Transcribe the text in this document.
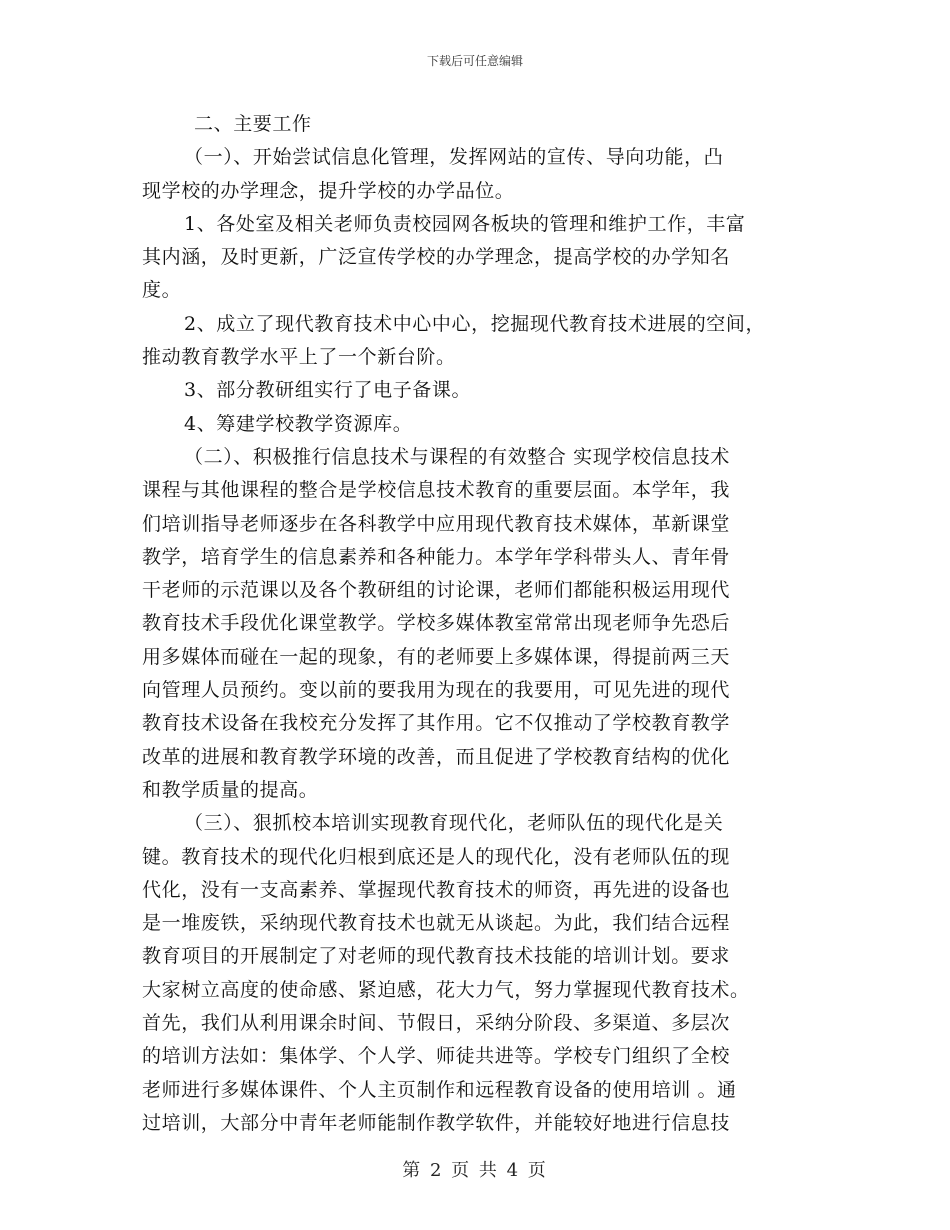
下载后可任意编辑
二、主要工作
（一）、开始尝试信息化管理，发挥网站的宣传、导向功能，凸
现学校的办学理念，提升学校的办学品位。
1、各处室及相关老师负责校园网各板块的管理和维护工作，丰富
其内涵，及时更新，广泛宣传学校的办学理念，提高学校的办学知名
度。
2、成立了现代教育技术中心中心，挖掘现代教育技术进展的空间，
推动教育教学水平上了一个新台阶。
3、部分教研组实行了电子备课。
4、筹建学校教学资源库。
（二）、积极推行信息技术与课程的有效整合 实现学校信息技术
课程与其他课程的整合是学校信息技术教育的重要层面。本学年，我
们培训指导老师逐步在各科教学中应用现代教育技术媒体，革新课堂
教学，培育学生的信息素养和各种能力。本学年学科带头人、青年骨
干老师的示范课以及各个教研组的讨论课，老师们都能积极运用现代
教育技术手段优化课堂教学。学校多媒体教室常常出现老师争先恐后
用多媒体而碰在一起的现象，有的老师要上多媒体课，得提前两三天
向管理人员预约。变以前的要我用为现在的我要用，可见先进的现代
教育技术设备在我校充分发挥了其作用。它不仅推动了学校教育教学
改革的进展和教育教学环境的改善，而且促进了学校教育结构的优化
和教学质量的提高。
（三）、狠抓校本培训实现教育现代化，老师队伍的现代化是关
键。教育技术的现代化归根到底还是人的现代化，没有老师队伍的现
代化，没有一支高素养、掌握现代教育技术的师资，再先进的设备也
是一堆废铁，采纳现代教育技术也就无从谈起。为此，我们结合远程
教育项目的开展制定了对老师的现代教育技术技能的培训计划。要求
大家树立高度的使命感、紧迫感，花大力气，努力掌握现代教育技术。
首先，我们从利用课余时间、节假日，采纳分阶段、多渠道、多层次
的培训方法如：集体学、个人学、师徒共进等。学校专门组织了全校
老师进行多媒体课件、个人主页制作和远程教育设备的使用培训 。通
过培训，大部分中青年老师能制作教学软件，并能较好地进行信息技
第 2 页 共 4 页
